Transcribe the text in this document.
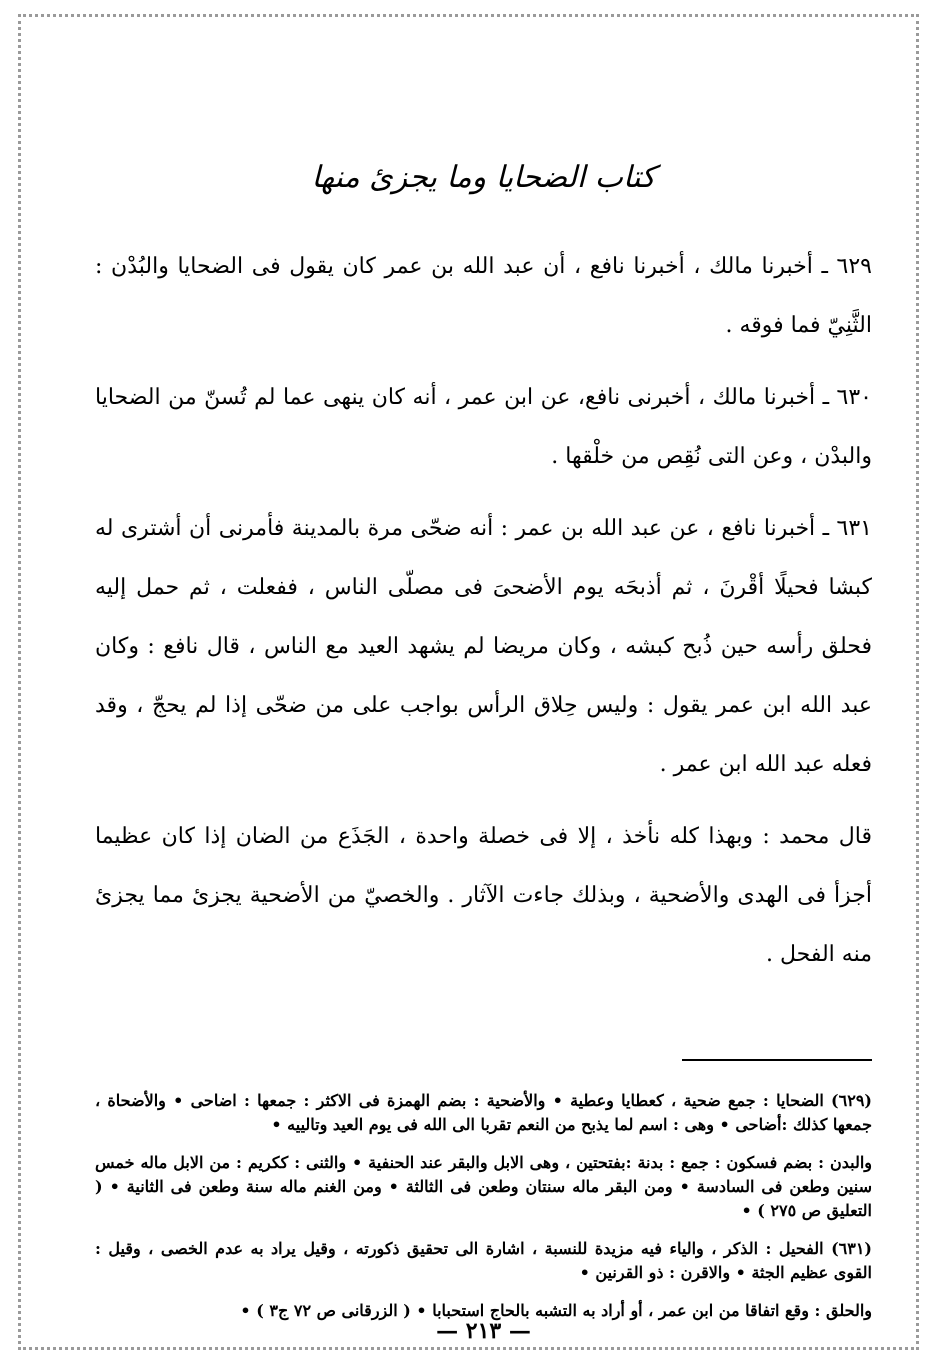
كتاب الضحايا وما يجزئ منها

٦٢٩ ـ أخبرنا مالك ، أخبرنا نافع ، أن عبد الله بن عمر كان يقول فى الضحايا والبُدْن : الثَّنِيّ فما فوقه .

٦٣٠ ـ أخبرنا مالك ، أخبرنى نافع، عن ابن عمر ، أنه كان ينهى عما لم تُسنّ من الضحايا والبدْن ، وعن التى نُقِص من خلْقها .

٦٣١ ـ أخبرنا نافع ، عن عبد الله بن عمر : أنه ضحّى مرة بالمدينة فأمرنى أن أشترى له كبشا فحيلًا أقْرنَ ، ثم أذبحَه يوم الأضحىَ فى مصلّى الناس ، ففعلت ، ثم حمل إليه فحلق رأسه حين ذُبح كبشه ، وكان مريضا لم يشهد العيد مع الناس ، قال نافع : وكان عبد الله ابن عمر يقول : وليس حِلاق الرأس بواجب على من ضحّى إذا لم يحجّ ، وقد فعله عبد الله ابن عمر .

قال محمد : وبهذا كله نأخذ ، إلا فى خصلة واحدة ، الجَذَع من الضان إذا كان عظيما أجزأ فى الهدى والأضحية ، وبذلك جاءت الآثار . والخصيّ من الأضحية يجزئ مما يجزئ منه الفحل .

(٦٢٩) الضحايا : جمع ضحية ، كعطايا وعطية • والأضحية : بضم الهمزة فى الاكثر : جمعها : اضاحى • والأضحاة ، جمعها كذلك :أضاحى • وهى : اسم لما يذبح من النعم تقربا الى الله فى يوم العيد وتالييه •

والبدن : بضم فسكون : جمع : بدنة :بفتحتين ، وهى الابل والبقر عند الحنفية • والثنى : ككريم : من الابل ماله خمس سنين وطعن فى السادسة • ومن البقر ماله سنتان وطعن فى الثالثة • ومن الغنم ماله سنة وطعن فى الثانية • ( التعليق ص ٢٧٥ ) •

(٦٣١) الفحيل : الذكر ، والياء فيه مزيدة للنسبة ، اشارة الى تحقيق ذكورته ، وقيل يراد به عدم الخصى ، وقيل : القوى عظيم الجثة • والاقرن : ذو القرنين •

والحلق : وقع اتفاقا من ابن عمر ، أو أراد به التشبه بالحاج استحبابا • ( الزرقانى ص ٧٢ ج٣ ) •

— ٢١٣ —
